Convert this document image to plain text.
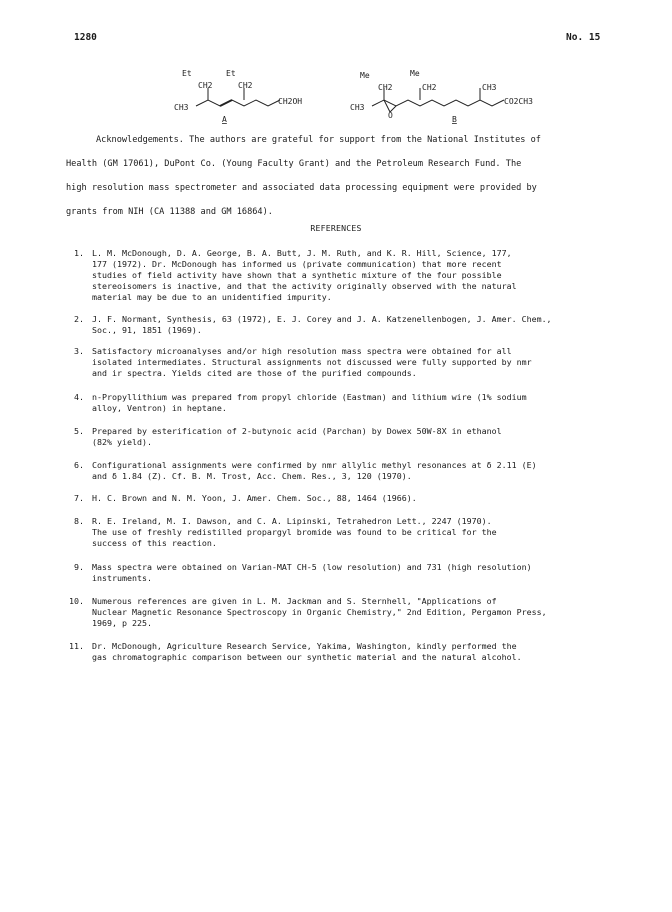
1280	No. 15
Et
CH2
Et
CH2
CH3
CH2OH
A
Me
CH2
Me
CH2
CH3
CH3
CO2CH3
O	B
Acknowledgements. The authors are grateful for support from the National Institutes of
Health (GM 17061), DuPont Co. (Young Faculty Grant) and the Petroleum Research Fund. The
high resolution mass spectrometer and associated data processing equipment were provided by
grants from NIH (CA 11388 and GM 16864).
REFERENCES
1. L. M. McDonough, D. A. George, B. A. Butt, J. M. Ruth, and K. R. Hill, Science, 177,
177 (1972). Dr. McDonough has informed us (private communication) that more recent
studies of field activity have shown that a synthetic mixture of the four possible
stereoisomers is inactive, and that the activity originally observed with the natural
material may be due to an unidentified impurity.
2. J. F. Normant, Synthesis, 63 (1972), E. J. Corey and J. A. Katzenellenbogen, J. Amer. Chem.,
Soc., 91, 1851 (1969).
3. Satisfactory microanalyses and/or high resolution mass spectra were obtained for all
isolated intermediates. Structural assignments not discussed were fully supported by nmr
and ir spectra. Yields cited are those of the purified compounds.
4. n-Propyllithium was prepared from propyl chloride (Eastman) and lithium wire (1% sodium
alloy, Ventron) in heptane.
5. Prepared by esterification of 2-butynoic acid (Parchan) by Dowex 50W-8X in ethanol
(82% yield).
6. Configurational assignments were confirmed by nmr allylic methyl resonances at δ 2.11 (E)
and δ 1.84 (Z). Cf. B. M. Trost, Acc. Chem. Res., 3, 120 (1970).
7. H. C. Brown and N. M. Yoon, J. Amer. Chem. Soc., 88, 1464 (1966).
8. R. E. Ireland, M. I. Dawson, and C. A. Lipinski, Tetrahedron Lett., 2247 (1970).
The use of freshly redistilled propargyl bromide was found to be critical for the
success of this reaction.
9. Mass spectra were obtained on Varian-MAT CH-5 (low resolution) and 731 (high resolution)
instruments.
10. Numerous references are given in L. M. Jackman and S. Sternhell, "Applications of
Nuclear Magnetic Resonance Spectroscopy in Organic Chemistry," 2nd Edition, Pergamon Press,
1969, p 225.
11. Dr. McDonough, Agriculture Research Service, Yakima, Washington, kindly performed the
gas chromatographic comparison between our synthetic material and the natural alcohol.
